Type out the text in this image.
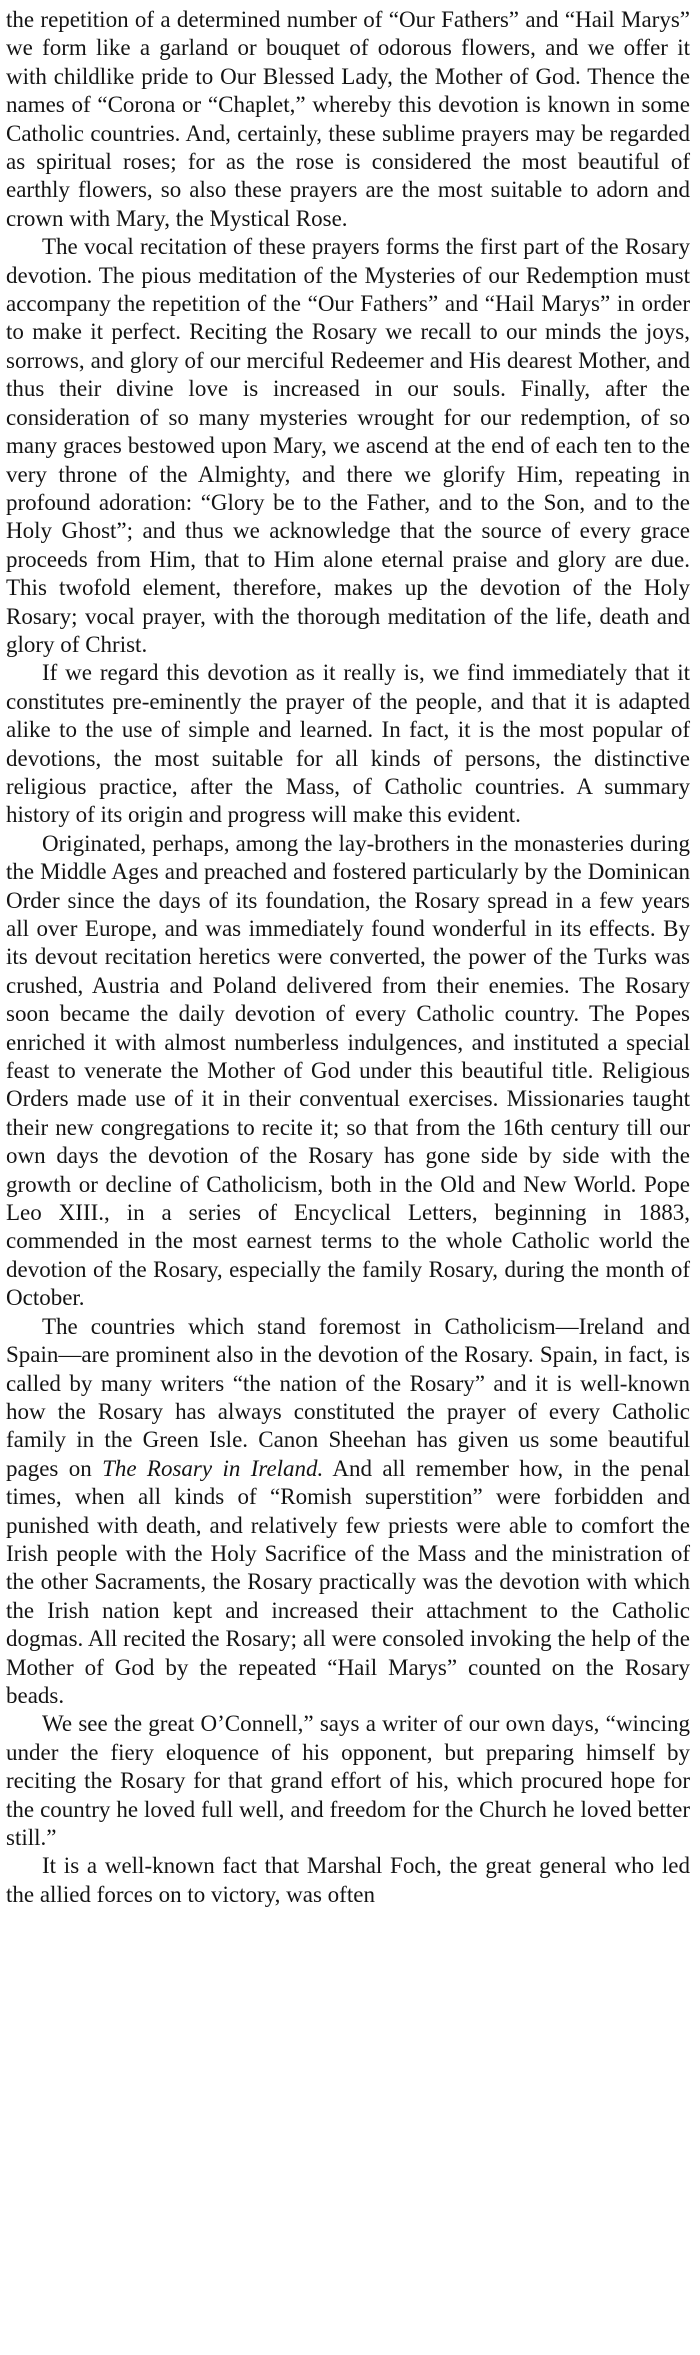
the repetition of a determined number of “Our Fathers” and “Hail Marys” we form like a garland or bouquet of odorous flowers, and we offer it with childlike pride to Our Blessed Lady, the Mother of God. Thence the names of “Corona or “Chaplet,” whereby this devotion is known in some Catholic countries. And, certainly, these sublime prayers may be regarded as spiritual roses; for as the rose is considered the most beautiful of earthly flowers, so also these prayers are the most suitable to adorn and crown with Mary, the Mystical Rose.

The vocal recitation of these prayers forms the first part of the Rosary devotion. The pious meditation of the Mysteries of our Redemption must accompany the repetition of the “Our Fathers” and “Hail Marys” in order to make it perfect. Reciting the Rosary we recall to our minds the joys, sorrows, and glory of our merciful Redeemer and His dearest Mother, and thus their divine love is increased in our souls. Finally, after the consideration of so many mysteries wrought for our redemption, of so many graces bestowed upon Mary, we ascend at the end of each ten to the very throne of the Almighty, and there we glorify Him, repeating in profound adoration: “Glory be to the Father, and to the Son, and to the Holy Ghost”; and thus we acknowledge that the source of every grace proceeds from Him, that to Him alone eternal praise and glory are due. This twofold element, therefore, makes up the devotion of the Holy Rosary; vocal prayer, with the thorough meditation of the life, death and glory of Christ.

If we regard this devotion as it really is, we find immediately that it constitutes pre-eminently the prayer of the people, and that it is adapted alike to the use of simple and learned. In fact, it is the most popular of devotions, the most suitable for all kinds of persons, the distinctive religious practice, after the Mass, of Catholic countries. A summary history of its origin and progress will make this evident.

Originated, perhaps, among the lay-brothers in the monasteries during the Middle Ages and preached and fostered particularly by the Dominican Order since the days of its foundation, the Rosary spread in a few years all over Europe, and was immediately found wonderful in its effects. By its devout recitation heretics were converted, the power of the Turks was crushed, Austria and Poland delivered from their enemies. The Rosary soon became the daily devotion of every Catholic country. The Popes enriched it with almost numberless indulgences, and instituted a special feast to venerate the Mother of God under this beautiful title. Religious Orders made use of it in their conventual exercises. Missionaries taught their new congregations to recite it; so that from the 16th century till our own days the devotion of the Rosary has gone side by side with the growth or decline of Catholicism, both in the Old and New World. Pope Leo XIII., in a series of Encyclical Letters, beginning in 1883, commended in the most earnest terms to the whole Catholic world the devotion of the Rosary, especially the family Rosary, during the month of October.

The countries which stand foremost in Catholicism—Ireland and Spain—are prominent also in the devotion of the Rosary. Spain, in fact, is called by many writers “the nation of the Rosary” and it is well-known how the Rosary has always constituted the prayer of every Catholic family in the Green Isle. Canon Sheehan has given us some beautiful pages on The Rosary in Ireland. And all remember how, in the penal times, when all kinds of “Romish superstition” were forbidden and punished with death, and relatively few priests were able to comfort the Irish people with the Holy Sacrifice of the Mass and the ministration of the other Sacraments, the Rosary practically was the devotion with which the Irish nation kept and increased their attachment to the Catholic dogmas. All recited the Rosary; all were consoled invoking the help of the Mother of God by the repeated “Hail Marys” counted on the Rosary beads.

We see the great O’Connell,” says a writer of our own days, “wincing under the fiery eloquence of his opponent, but preparing himself by reciting the Rosary for that grand effort of his, which procured hope for the country he loved full well, and freedom for the Church he loved better still.”

It is a well-known fact that Marshal Foch, the great general who led the allied forces on to victory, was often
